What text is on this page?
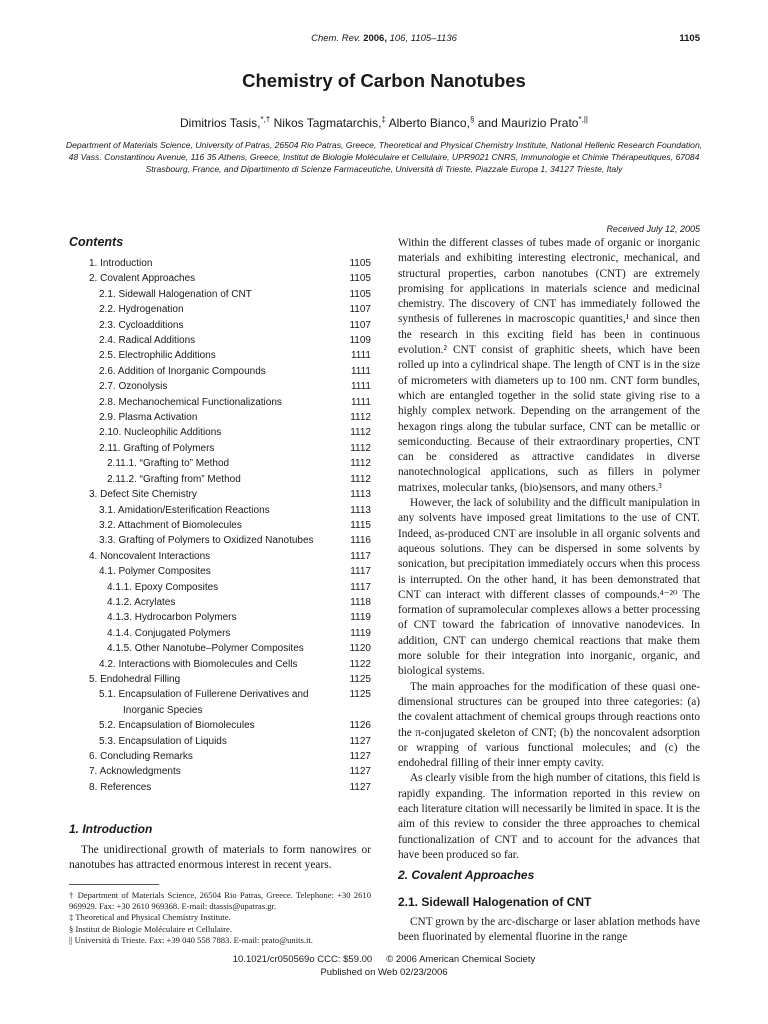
Chem. Rev. 2006, 106, 1105–1136	1105
Chemistry of Carbon Nanotubes
Dimitrios Tasis,*,† Nikos Tagmatarchis,‡ Alberto Bianco,§ and Maurizio Prato*,||
Department of Materials Science, University of Patras, 26504 Rio Patras, Greece, Theoretical and Physical Chemistry Institute, National Hellenic Research Foundation, 48 Vass. Constantinou Avenue, 116 35 Athens, Greece, Institut de Biologie Moléculaire et Cellulaire, UPR9021 CNRS, Immunologie et Chimie Thérapeutiques, 67084 Strasbourg, France, and Dipartimento di Scienze Farmaceutiche, Università di Trieste, Piazzale Europa 1, 34127 Trieste, Italy
Received July 12, 2005
Contents
1. Introduction	1105
2. Covalent Approaches	1105
2.1. Sidewall Halogenation of CNT	1105
2.2. Hydrogenation	1107
2.3. Cycloadditions	1107
2.4. Radical Additions	1109
2.5. Electrophilic Additions	1111
2.6. Addition of Inorganic Compounds	1111
2.7. Ozonolysis	1111
2.8. Mechanochemical Functionalizations	1111
2.9. Plasma Activation	1112
2.10. Nucleophilic Additions	1112
2.11. Grafting of Polymers	1112
2.11.1. “Grafting to” Method	1112
2.11.2. “Grafting from” Method	1112
3. Defect Site Chemistry	1113
3.1. Amidation/Esterification Reactions	1113
3.2. Attachment of Biomolecules	1115
3.3. Grafting of Polymers to Oxidized Nanotubes	1116
4. Noncovalent Interactions	1117
4.1. Polymer Composites	1117
4.1.1. Epoxy Composites	1117
4.1.2. Acrylates	1118
4.1.3. Hydrocarbon Polymers	1119
4.1.4. Conjugated Polymers	1119
4.1.5. Other Nanotube–Polymer Composites	1120
4.2. Interactions with Biomolecules and Cells	1122
5. Endohedral Filling	1125
5.1. Encapsulation of Fullerene Derivatives and	1125
Inorganic Species
5.2. Encapsulation of Biomolecules	1126
5.3. Encapsulation of Liquids	1127
6. Concluding Remarks	1127
7. Acknowledgments	1127
8. References	1127
1. Introduction
The unidirectional growth of materials to form nanowires or nanotubes has attracted enormous interest in recent years.
† Department of Materials Science, 26504 Rio Patras, Greece. Telephone: +30 2610 969929. Fax: +30 2610 969368. E-mail: dtassis@upatras.gr.
‡ Theoretical and Physical Chemistry Institute.
§ Institut de Biologie Moléculaire et Cellulaire.
|| Università di Trieste. Fax: +39 040 558 7883. E-mail: prato@units.it.

Within the different classes of tubes made of organic or inorganic materials and exhibiting interesting electronic, mechanical, and structural properties, carbon nanotubes (CNT) are extremely promising for applications in materials science and medicinal chemistry. The discovery of CNT has immediately followed the synthesis of fullerenes in macroscopic quantities,¹ and since then the research in this exciting field has been in continuous evolution.² CNT consist of graphitic sheets, which have been rolled up into a cylindrical shape. The length of CNT is in the size of micrometers with diameters up to 100 nm. CNT form bundles, which are entangled together in the solid state giving rise to a highly complex network. Depending on the arrangement of the hexagon rings along the tubular surface, CNT can be metallic or semiconducting. Because of their extraordinary properties, CNT can be considered as attractive candidates in diverse nanotechnological applications, such as fillers in polymer matrixes, molecular tanks, (bio)sensors, and many others.³

However, the lack of solubility and the difficult manipulation in any solvents have imposed great limitations to the use of CNT. Indeed, as-produced CNT are insoluble in all organic solvents and aqueous solutions. They can be dispersed in some solvents by sonication, but precipitation immediately occurs when this process is interrupted. On the other hand, it has been demonstrated that CNT can interact with different classes of compounds.⁴⁻²⁰ The formation of supramolecular complexes allows a better processing of CNT toward the fabrication of innovative nanodevices. In addition, CNT can undergo chemical reactions that make them more soluble for their integration into inorganic, organic, and biological systems.

The main approaches for the modification of these quasi one-dimensional structures can be grouped into three categories: (a) the covalent attachment of chemical groups through reactions onto the π-conjugated skeleton of CNT; (b) the noncovalent adsorption or wrapping of various functional molecules; and (c) the endohedral filling of their inner empty cavity.

As clearly visible from the high number of citations, this field is rapidly expanding. The information reported in this review on each literature citation will necessarily be limited in space. It is the aim of this review to consider the three approaches to chemical functionalization of CNT and to account for the advances that have been produced so far.

2. Covalent Approaches
2.1. Sidewall Halogenation of CNT
CNT grown by the arc-discharge or laser ablation methods have been fluorinated by elemental fluorine in the range
10.1021/cr050569o CCC: $59.00 © 2006 American Chemical Society
Published on Web 02/23/2006
